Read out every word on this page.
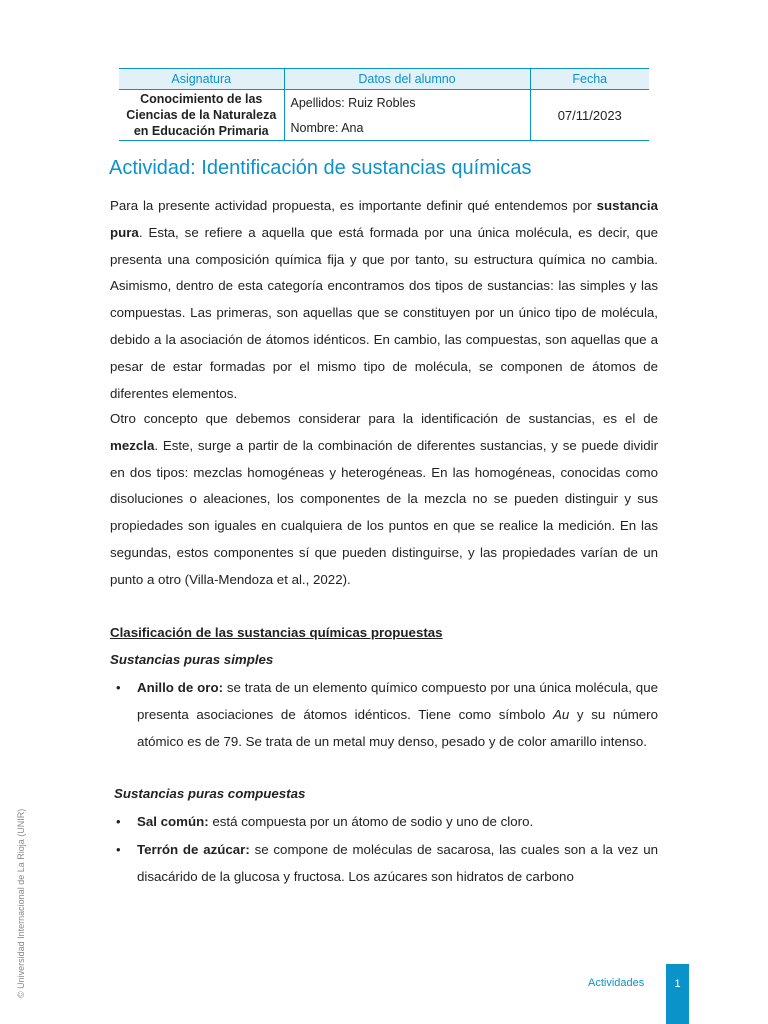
Asignatura	Datos del alumno	Fecha

Conocimiento de las
Ciencias de la Naturaleza
en Educación Primaria	Apellidos: Ruiz Robles	07/11/2023
	Nombre: Ana	
Actividad: Identificación de sustancias químicas

Para la presente actividad propuesta, es importante definir qué entendemos por sustancia pura. Esta, se refiere a aquella que está formada por una única molécula, es decir, que presenta una composición química fija y que por tanto, su estructura química no cambia. Asimismo, dentro de esta categoría encontramos dos tipos de sustancias: las simples y las compuestas. Las primeras, son aquellas que se constituyen por un único tipo de molécula, debido a la asociación de átomos idénticos. En cambio, las compuestas, son aquellas que a pesar de estar formadas por el mismo tipo de molécula, se componen de átomos de diferentes elementos.

Otro concepto que debemos considerar para la identificación de sustancias, es el de mezcla. Este, surge a partir de la combinación de diferentes sustancias, y se puede dividir en dos tipos: mezclas homogéneas y heterogéneas. En las homogéneas, conocidas como disoluciones o aleaciones, los componentes de la mezcla no se pueden distinguir y sus propiedades son iguales en cualquiera de los puntos en que se realice la medición. En las segundas, estos componentes sí que pueden distinguirse, y las propiedades varían de un punto a otro (Villa-Mendoza et al., 2022).

Clasificación de las sustancias químicas propuestas

Sustancias puras simples

• Anillo de oro: se trata de un elemento químico compuesto por una única molécula, que presenta asociaciones de átomos idénticos. Tiene como símbolo Au y su número atómico es de 79. Se trata de un metal muy denso, pesado y de color amarillo intenso.

Sustancias puras compuestas

• Sal común: está compuesta por un átomo de sodio y uno de cloro.

• Terrón de azúcar: se compone de moléculas de sacarosa, las cuales son a la vez un disacárido de la glucosa y fructosa. Los azúcares son hidratos de carbono

Actividades	1
© Universidad Internacional de La Rioja (UNIR)
